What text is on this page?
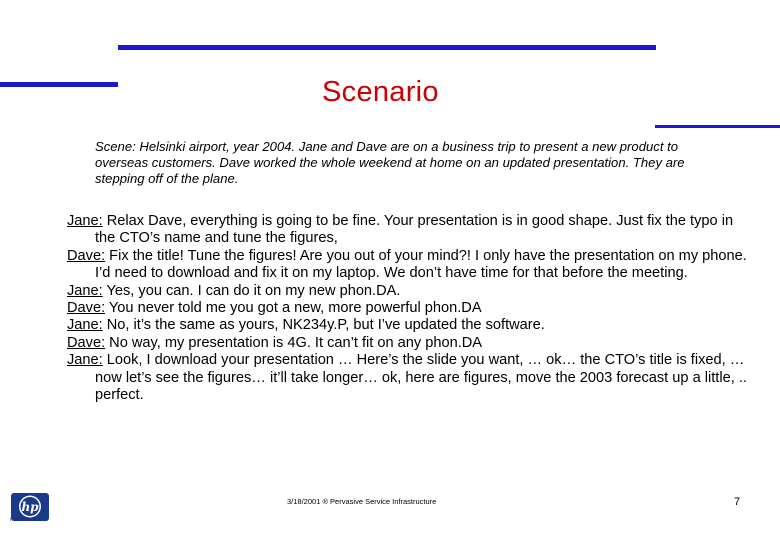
Scenario
Scene: Helsinki airport, year 2004. Jane and Dave are on a business trip to present a new product to overseas customers. Dave worked the whole weekend at home on an updated presentation. They are stepping off of the plane.
Jane: Relax Dave, everything is going to be fine. Your presentation is in good shape. Just fix the typo in the CTO’s name and tune the figures,
Dave: Fix the title! Tune the figures! Are you out of your mind?! I only have the presentation on my phone. I’d need to download and fix it on my laptop. We don’t have time for that before the meeting.
Jane: Yes, you can. I can do it on my new phon.DA.
Dave: You never told me you got a new, more powerful phon.DA
Jane: No, it’s the same as yours, NK234y.P, but I’ve updated the software.
Dave: No way, my presentation is 4G. It can’t fit on any phon.DA
Jane: Look, I download your presentation … Here’s the slide you want, … ok… the CTO’s title is fixed, … now let’s see the figures… it’ll take longer… ok, here are figures, move the 2003 forecast up a little, .. perfect.
hp
invent
3/18/2001 ® Pervasive Service Infrastructure	7
